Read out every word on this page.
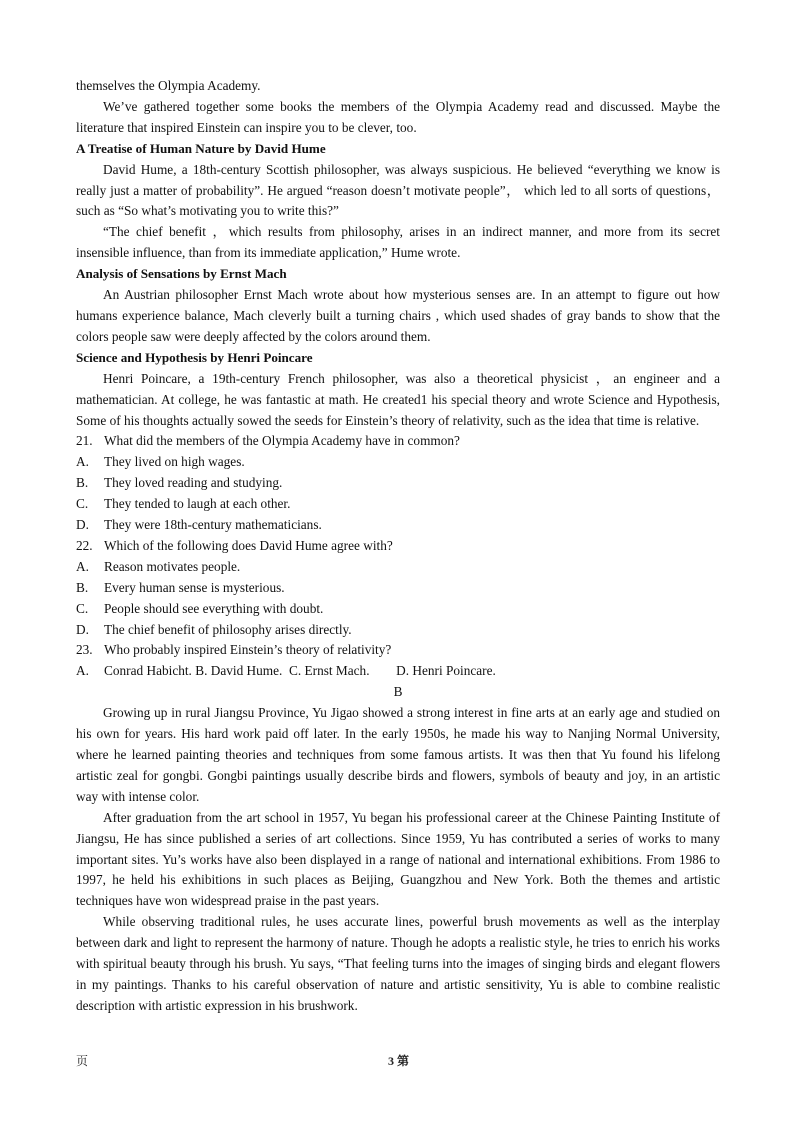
themselves the Olympia Academy.

We’ve gathered together some books the members of the Olympia Academy read and discussed. Maybe the literature that inspired Einstein can inspire you to be clever, too.

A Treatise of Human Nature by David Hume

David Hume, a 18th-century Scottish philosopher, was always suspicious. He believed “everything we know is really just a matter of probability”. He argued “reason doesn’t motivate people”， which led to all sorts of questions， such as “So what’s motivating you to write this?”

“The chief benefit ，which results from philosophy, arises in an indirect manner, and more from its secret insensible influence, than from its immediate application,” Hume wrote.

Analysis of Sensations by Ernst Mach

An Austrian philosopher Ernst Mach wrote about how mysterious senses are. In an attempt to figure out how humans experience balance, Mach cleverly built a turning chairs , which used shades of gray bands to show that the colors people saw were deeply affected by the colors around them.

Science and Hypothesis by Henri Poincare

Henri Poincare, a 19th-century French philosopher, was also a theoretical physicist ，an engineer and a mathematician. At college, he was fantastic at math. He created1 his special theory and wrote Science and Hypothesis, Some of his thoughts actually sowed the seeds for Einstein’s theory of relativity, such as the idea that time is relative.

21. What did the members of the Olympia Academy have in common?

A.	They lived on high wages.

B.	They loved reading and studying.

C.	They tended to laugh at each other.

D.	They were 18th-century mathematicians.

22. Which of the following does David Hume agree with?

A.	Reason motivates people.

B.	Every human sense is mysterious.

C.	People should see everything with doubt.

D.	The chief benefit of philosophy arises directly.

23. Who probably inspired Einstein’s theory of relativity?

A.	Conrad Habicht. B. David Hume.  C. Ernst Mach.        D. Henri Poincare.

B

Growing up in rural Jiangsu Province, Yu Jigao showed a strong interest in fine arts at an early age and studied on his own for years. His hard work paid off later. In the early 1950s, he made his way to Nanjing Normal University, where he learned painting theories and techniques from some famous artists. It was then that Yu found his lifelong artistic zeal for gongbi. Gongbi paintings usually describe birds and flowers, symbols of beauty and joy, in an artistic way with intense color.

After graduation from the art school in 1957, Yu began his professional career at the Chinese Painting Institute of Jiangsu, He has since published a series of art collections. Since 1959, Yu has contributed a series of works to many important sites. Yu’s works have also been displayed in a range of national and international exhibitions. From 1986 to 1997, he held his exhibitions in such places as Beijing, Guangzhou and New York. Both the themes and artistic techniques have won widespread praise in the past years.

While observing traditional rules, he uses accurate lines, powerful brush movements as well as the interplay between dark and light to represent the harmony of nature. Though he adopts a realistic style, he tries to enrich his works with spiritual beauty through his brush. Yu says, “That feeling turns into the images of singing birds and elegant flowers in my paintings. Thanks to his careful observation of nature and artistic sensitivity, Yu is able to combine realistic description with artistic expression in his brushwork.

页	3 第
